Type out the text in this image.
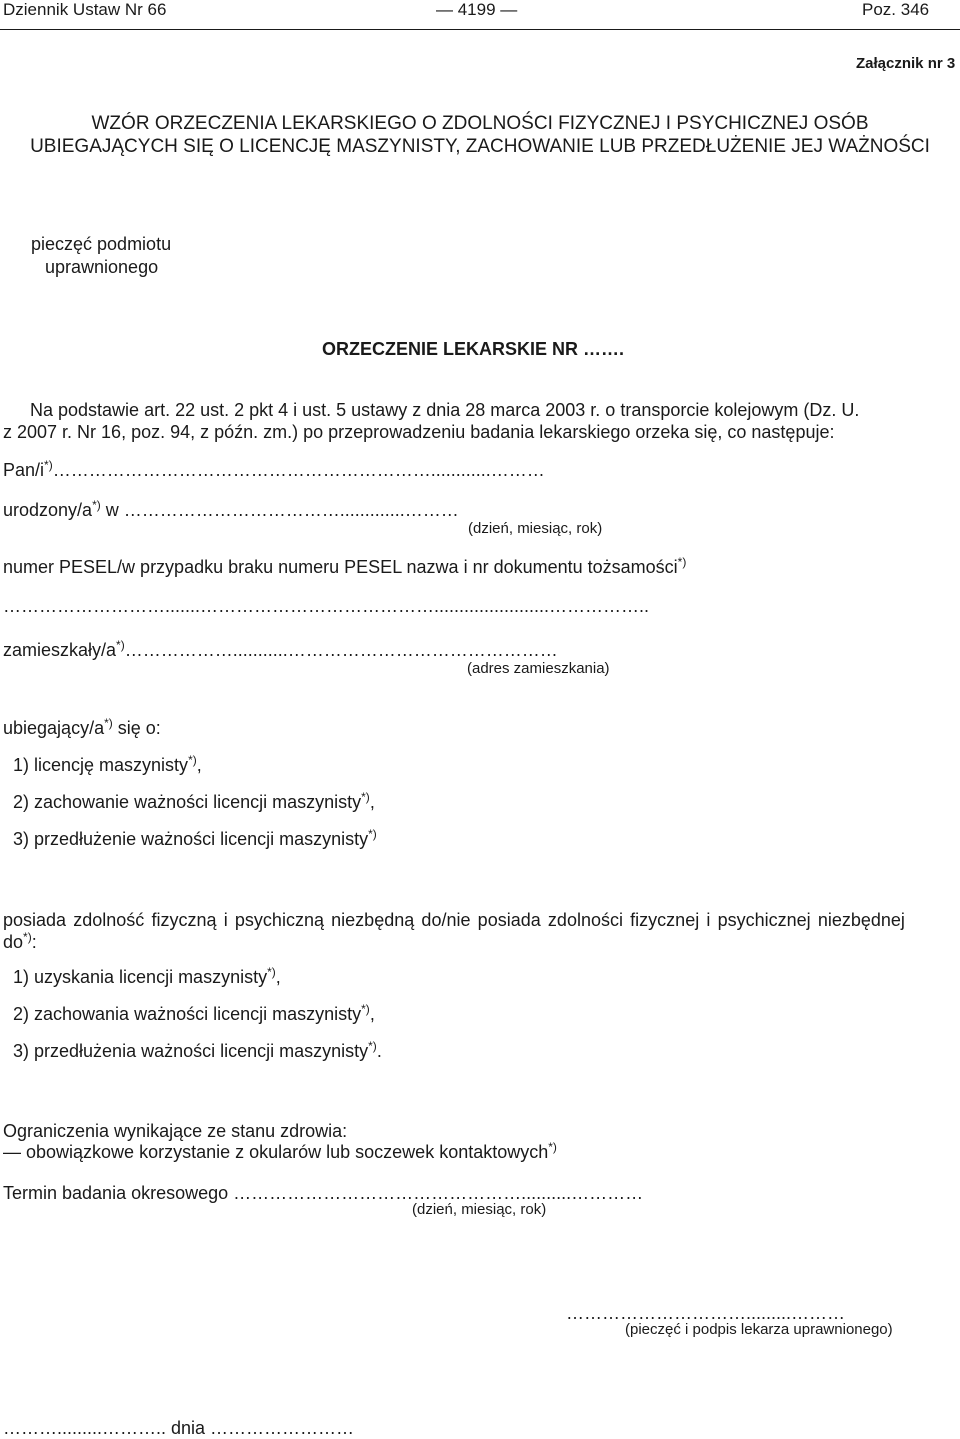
Dziennik Ustaw Nr 66	— 4199 —	Poz. 346
Załącznik nr 3
WZÓR ORZECZENIA LEKARSKIEGO O ZDOLNOŚCI FIZYCZNEJ I PSYCHICZNEJ OSÓB
UBIEGAJĄCYCH SIĘ O LICENCJĘ MASZYNISTY, ZACHOWANIE LUB PRZEDŁUŻENIE JEJ WAŻNOŚCI
pieczęć podmiotu
uprawnionego
ORZECZENIE LEKARSKIE NR …….
Na podstawie art. 22 ust. 2 pkt 4 i ust. 5 ustawy z dnia 28 marca 2003 r. o transporcie kolejowym (Dz. U.
z 2007 r. Nr 16, poz. 94, z późn. zm.) po przeprowadzeniu badania lekarskiego orzeka się, co następuje:
Pan/i*)………………………………………………………............………
urodzony/a*) w ……………………………….............………
(dzień, miesiąc, rok)
numer PESEL/w przypadku braku numeru PESEL nazwa i nr dokumentu tożsamości*)
……………………….......………………………………….......................……………..
zamieszkały/a*)………………...........………………………………………
(adres zamieszkania)
ubiegający/a*) się o:
1) licencję maszynisty*),
2) zachowanie ważności licencji maszynisty*),
3) przedłużenie ważności licencji maszynisty*)
posiada zdolność fizyczną i psychiczną niezbędną do/nie posiada zdolności fizycznej i psychicznej niezbędnej
do*):
1) uzyskania licencji maszynisty*),
2) zachowania ważności licencji maszynisty*),
3) przedłużenia ważności licencji maszynisty*).
Ograniczenia wynikające ze stanu zdrowia:
— obowiązkowe korzystanie z okularów lub soczewek kontaktowych*)
Termin badania okresowego …………………………………………..........…………
(dzień, miesiąc, rok)
………………………….........………
(pieczęć i podpis lekarza uprawnionego)
……….........……….. dnia ……………………
